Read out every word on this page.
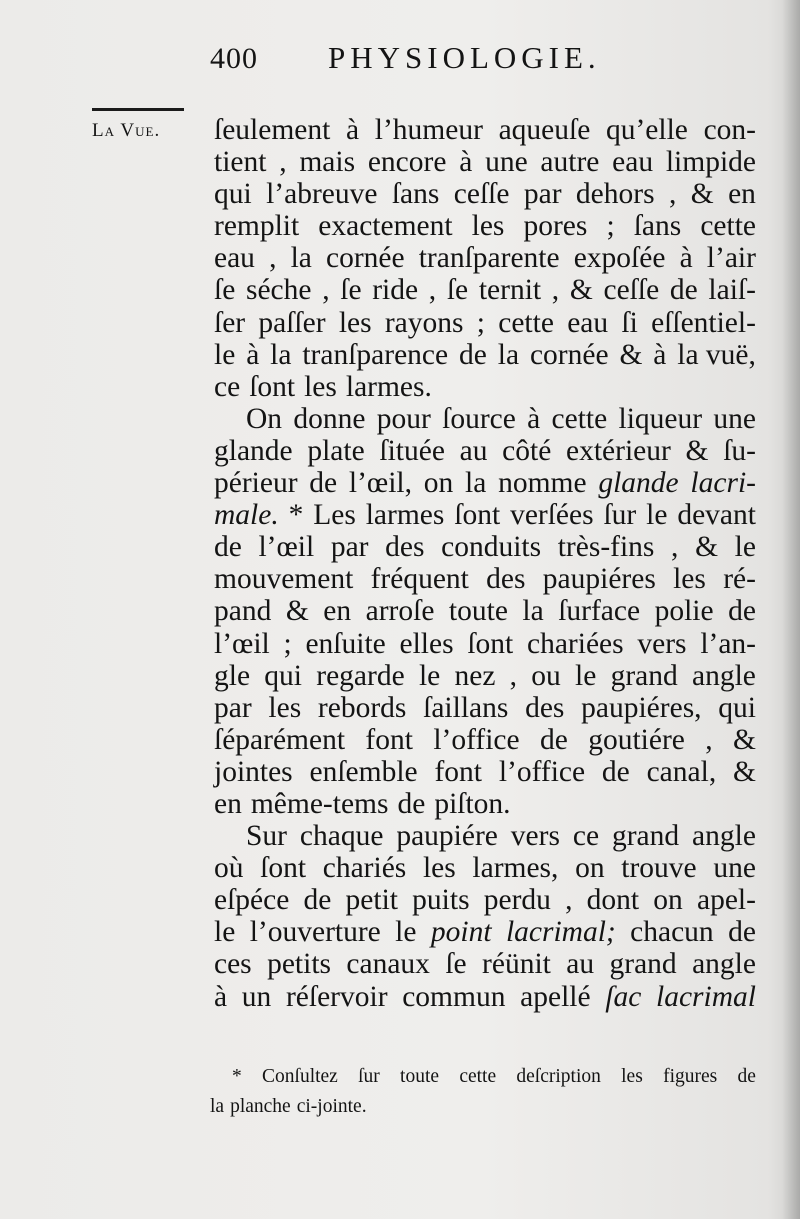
400 PHYSIOLOGIE.
La Vue. ſeulement à l’humeur aqueuſe qu’elle con-
tient , mais encore à une autre eau limpide
qui l’abreuve ſans ceſſe par dehors , & en
remplit exactement les pores ; ſans cette
eau , la cornée tranſparente expoſée à l’air
ſe séche , ſe ride , ſe ternit , & ceſſe de laiſ-
ſer paſſer les rayons ; cette eau ſi eſſentiel-
le à la tranſparence de la cornée & à la vuë,
ce ſont les larmes.
On donne pour ſource à cette liqueur une
glande plate ſituée au côté extérieur & ſu-
périeur de l’œil, on la nomme glande lacri-
male. * Les larmes ſont verſées ſur le devant
de l’œil par des conduits très-fins , & le
mouvement fréquent des paupiéres les ré-
pand & en arroſe toute la ſurface polie de
l’œil ; enſuite elles ſont chariées vers l’an-
gle qui regarde le nez , ou le grand angle
par les rebords ſaillans des paupiéres, qui
ſéparément font l’office de goutiére , &
jointes enſemble font l’office de canal, &
en même-tems de piſton.
Sur chaque paupiére vers ce grand angle
où ſont chariés les larmes, on trouve une
eſpéce de petit puits perdu , dont on apel-
le l’ouverture le point lacrimal; chacun de
ces petits canaux ſe réünit au grand angle
à un réſervoir commun apellé ſac lacrimal
* Conſultez ſur toute cette deſcription les figures de
la planche ci-jointe.
